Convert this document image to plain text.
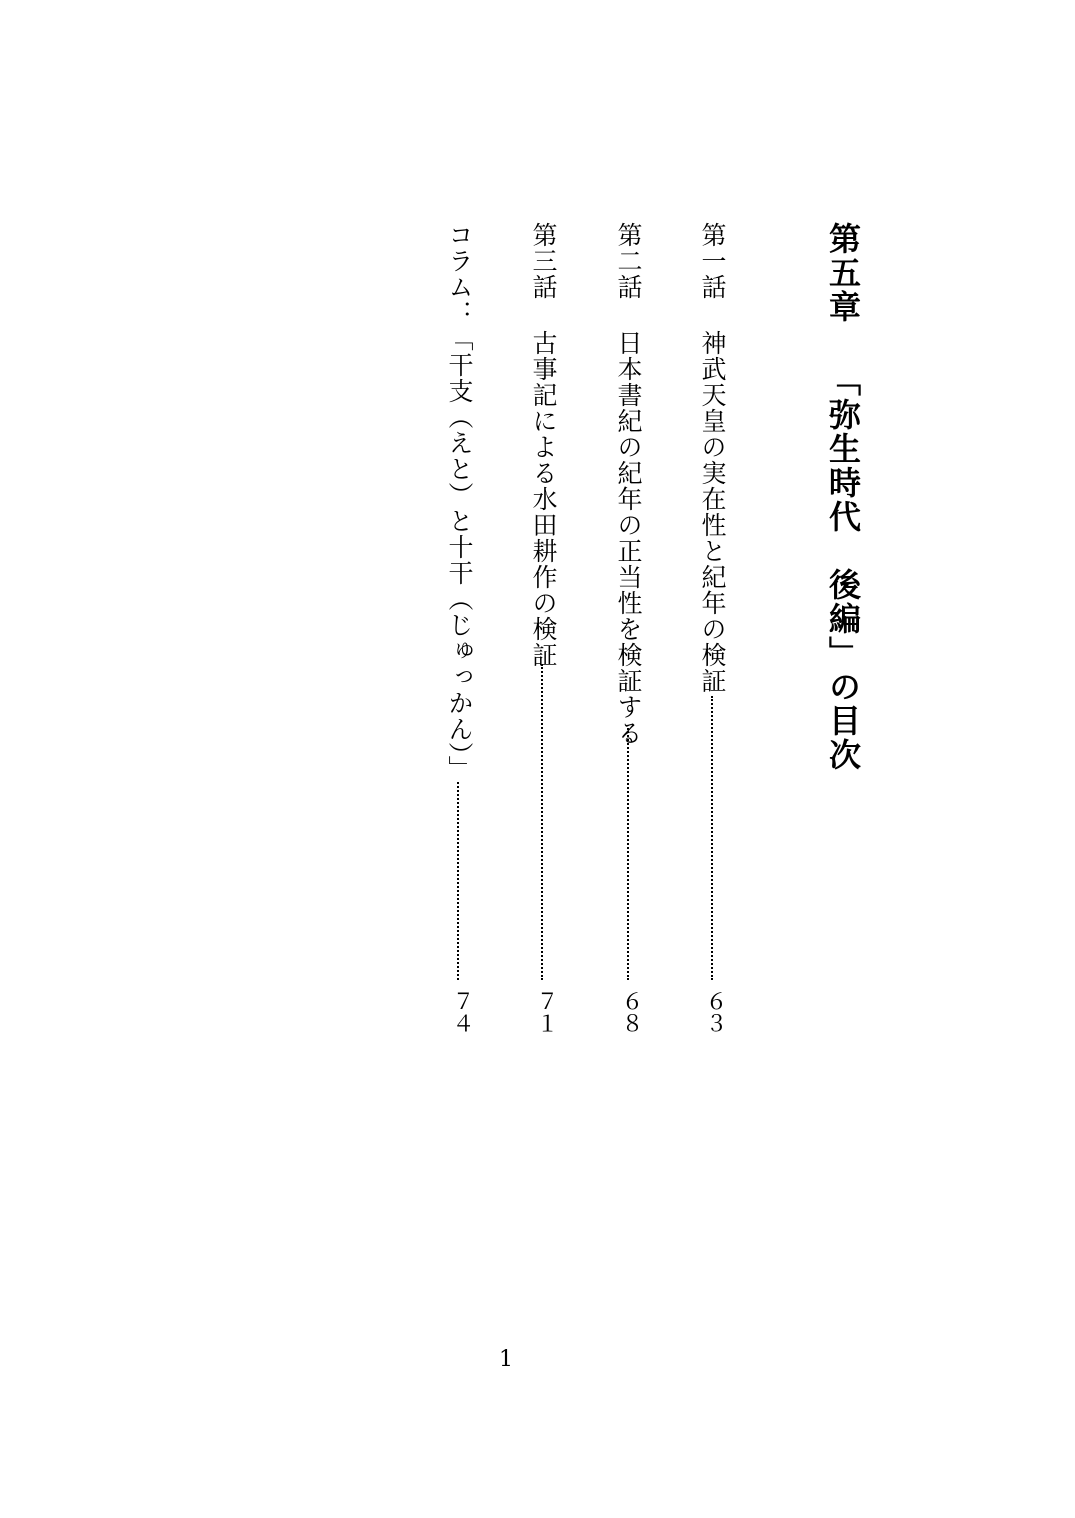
第五章 「弥生時代　後編」の目次
第一話神武天皇の実在性と紀年の検証
６３
第二話日本書紀の紀年の正当性を検証する
６８
第三話古事記による水田耕作の検証
７１
コラム：「干支（えと）と十干（じゅっかん）」
７４
1
